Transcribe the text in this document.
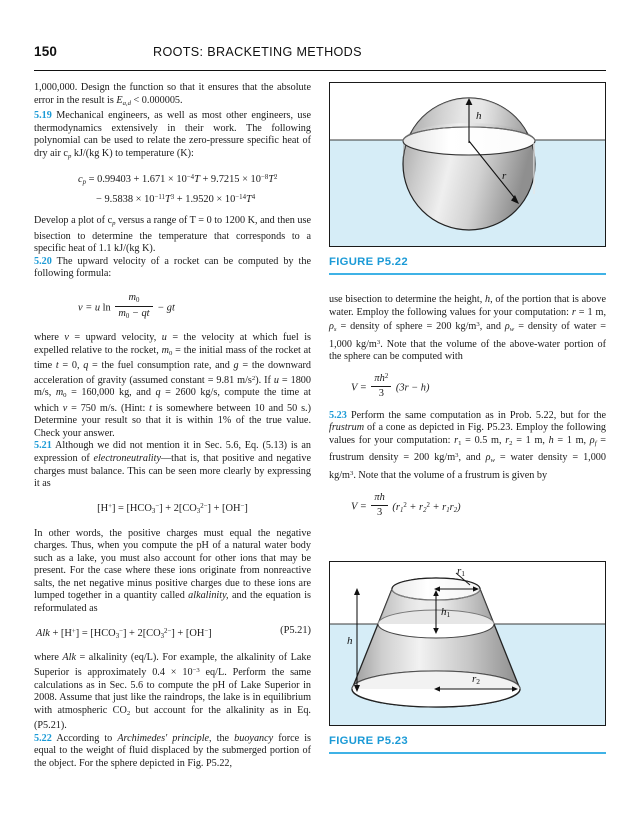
150	ROOTS: BRACKETING METHODS

1,000,000. Design the function so that it ensures that the absolute error in the result is $E_{a,d} < 0.000005$.

5.19 Mechanical engineers, as well as most other engineers, use thermodynamics extensively in their work. The following polynomial can be used to relate the zero-pressure specific heat of dry air $c_p$ kJ/(kg K) to temperature (K):

$c_p = 0.99403 + 1.671 \times 10^{-4}T + 9.7215 \times 10^{-8}T^2$
− $9.5838 \times 10^{-11}T^3 + 1.9520 \times 10^{-14}T^4$

Develop a plot of $c_p$ versus a range of T = 0 to 1200 K, and then use bisection to determine the temperature that corresponds to a specific heat of 1.1 kJ/(kg K).

5.20 The upward velocity of a rocket can be computed by the following formula:

v = u $\ln \frac{m_0}{m_0 - qt}$ − gt

where v = upward velocity, u = the velocity at which fuel is expelled relative to the rocket, $m_0$ = the initial mass of the rocket at time t = 0, q = the fuel consumption rate, and g = the downward acceleration of gravity (assumed constant = 9.81 $m/s^2$). If u = 1800 m/s, $m_0 = 160,000$ kg, and q = 2600 kg/s, compute the time at which v = 750 m/s. (Hint: t is somewhere between 10 and 50 s.) Determine your result so that it is within 1% of the true value. Check your answer.

5.21 Although we did not mention it in Sec. 5.6, Eq. (5.13) is an expression of electroneutrality—that is, that positive and negative charges must balance. This can be seen more clearly by expressing it as

$[H^+] = [HCO_3^-] + 2[CO_3^{2-}] + [OH^-]$

In other words, the positive charges must equal the negative charges. Thus, when you compute the pH of a natural water body such as a lake, you must also account for other ions that may be present. For the case where these ions originate from nonreactive salts, the net negative minus positive charges due to these ions are lumped together in a quantity called alkalinity, and the equation is reformulated as

Alk + $[H^+] = [HCO_3^-] + 2[CO_3^{2-}] + [OH^-]$	(P5.21)

where Alk = alkalinity (eq/L). For example, the alkalinity of Lake Superior is approximately $0.4 \times 10^{-3}$ eq/L. Perform the same calculations as in Sec. 5.6 to compute the pH of Lake Superior in 2008. Assume that just like the raindrops, the lake is in equilibrium with atmospheric $CO_2$ but account for the alkalinity as in Eq. (P5.21).

5.22 According to Archimedes' principle, the buoyancy force is equal to the weight of fluid displaced by the submerged portion of the object. For the sphere depicted in Fig. P5.22,

use bisection to determine the height, h, of the portion that is above water. Employ the following values for your computation: r = 1 m, $\rho_s$ = density of sphere = 200 $kg/m^3$, and $\rho_w$ = density of water = 1,000 $kg/m^3$. Note that the volume of the above-water portion of the sphere can be computed with

$V = \frac{\pi h^2}{3} (3r - h)$

5.23 Perform the same computation as in Prob. 5.22, but for the frustrum of a cone as depicted in Fig. P5.23. Employ the following values for your computation: $r_1 = 0.5$ m, $r_2 = 1$ m, h = 1 m, $\rho_f$ = frustrum density = 200 $kg/m^3$, and $\rho_w$ = water density = 1,000 $kg/m^3$. Note that the volume of a frustrum is given by

$V = \frac{\pi h}{3} (r_1^2 + r_2^2 + r_1r_2)$
h
r
FIGURE P5.22
h
$h_1$
$r_1$
$r_2$
FIGURE P5.23
